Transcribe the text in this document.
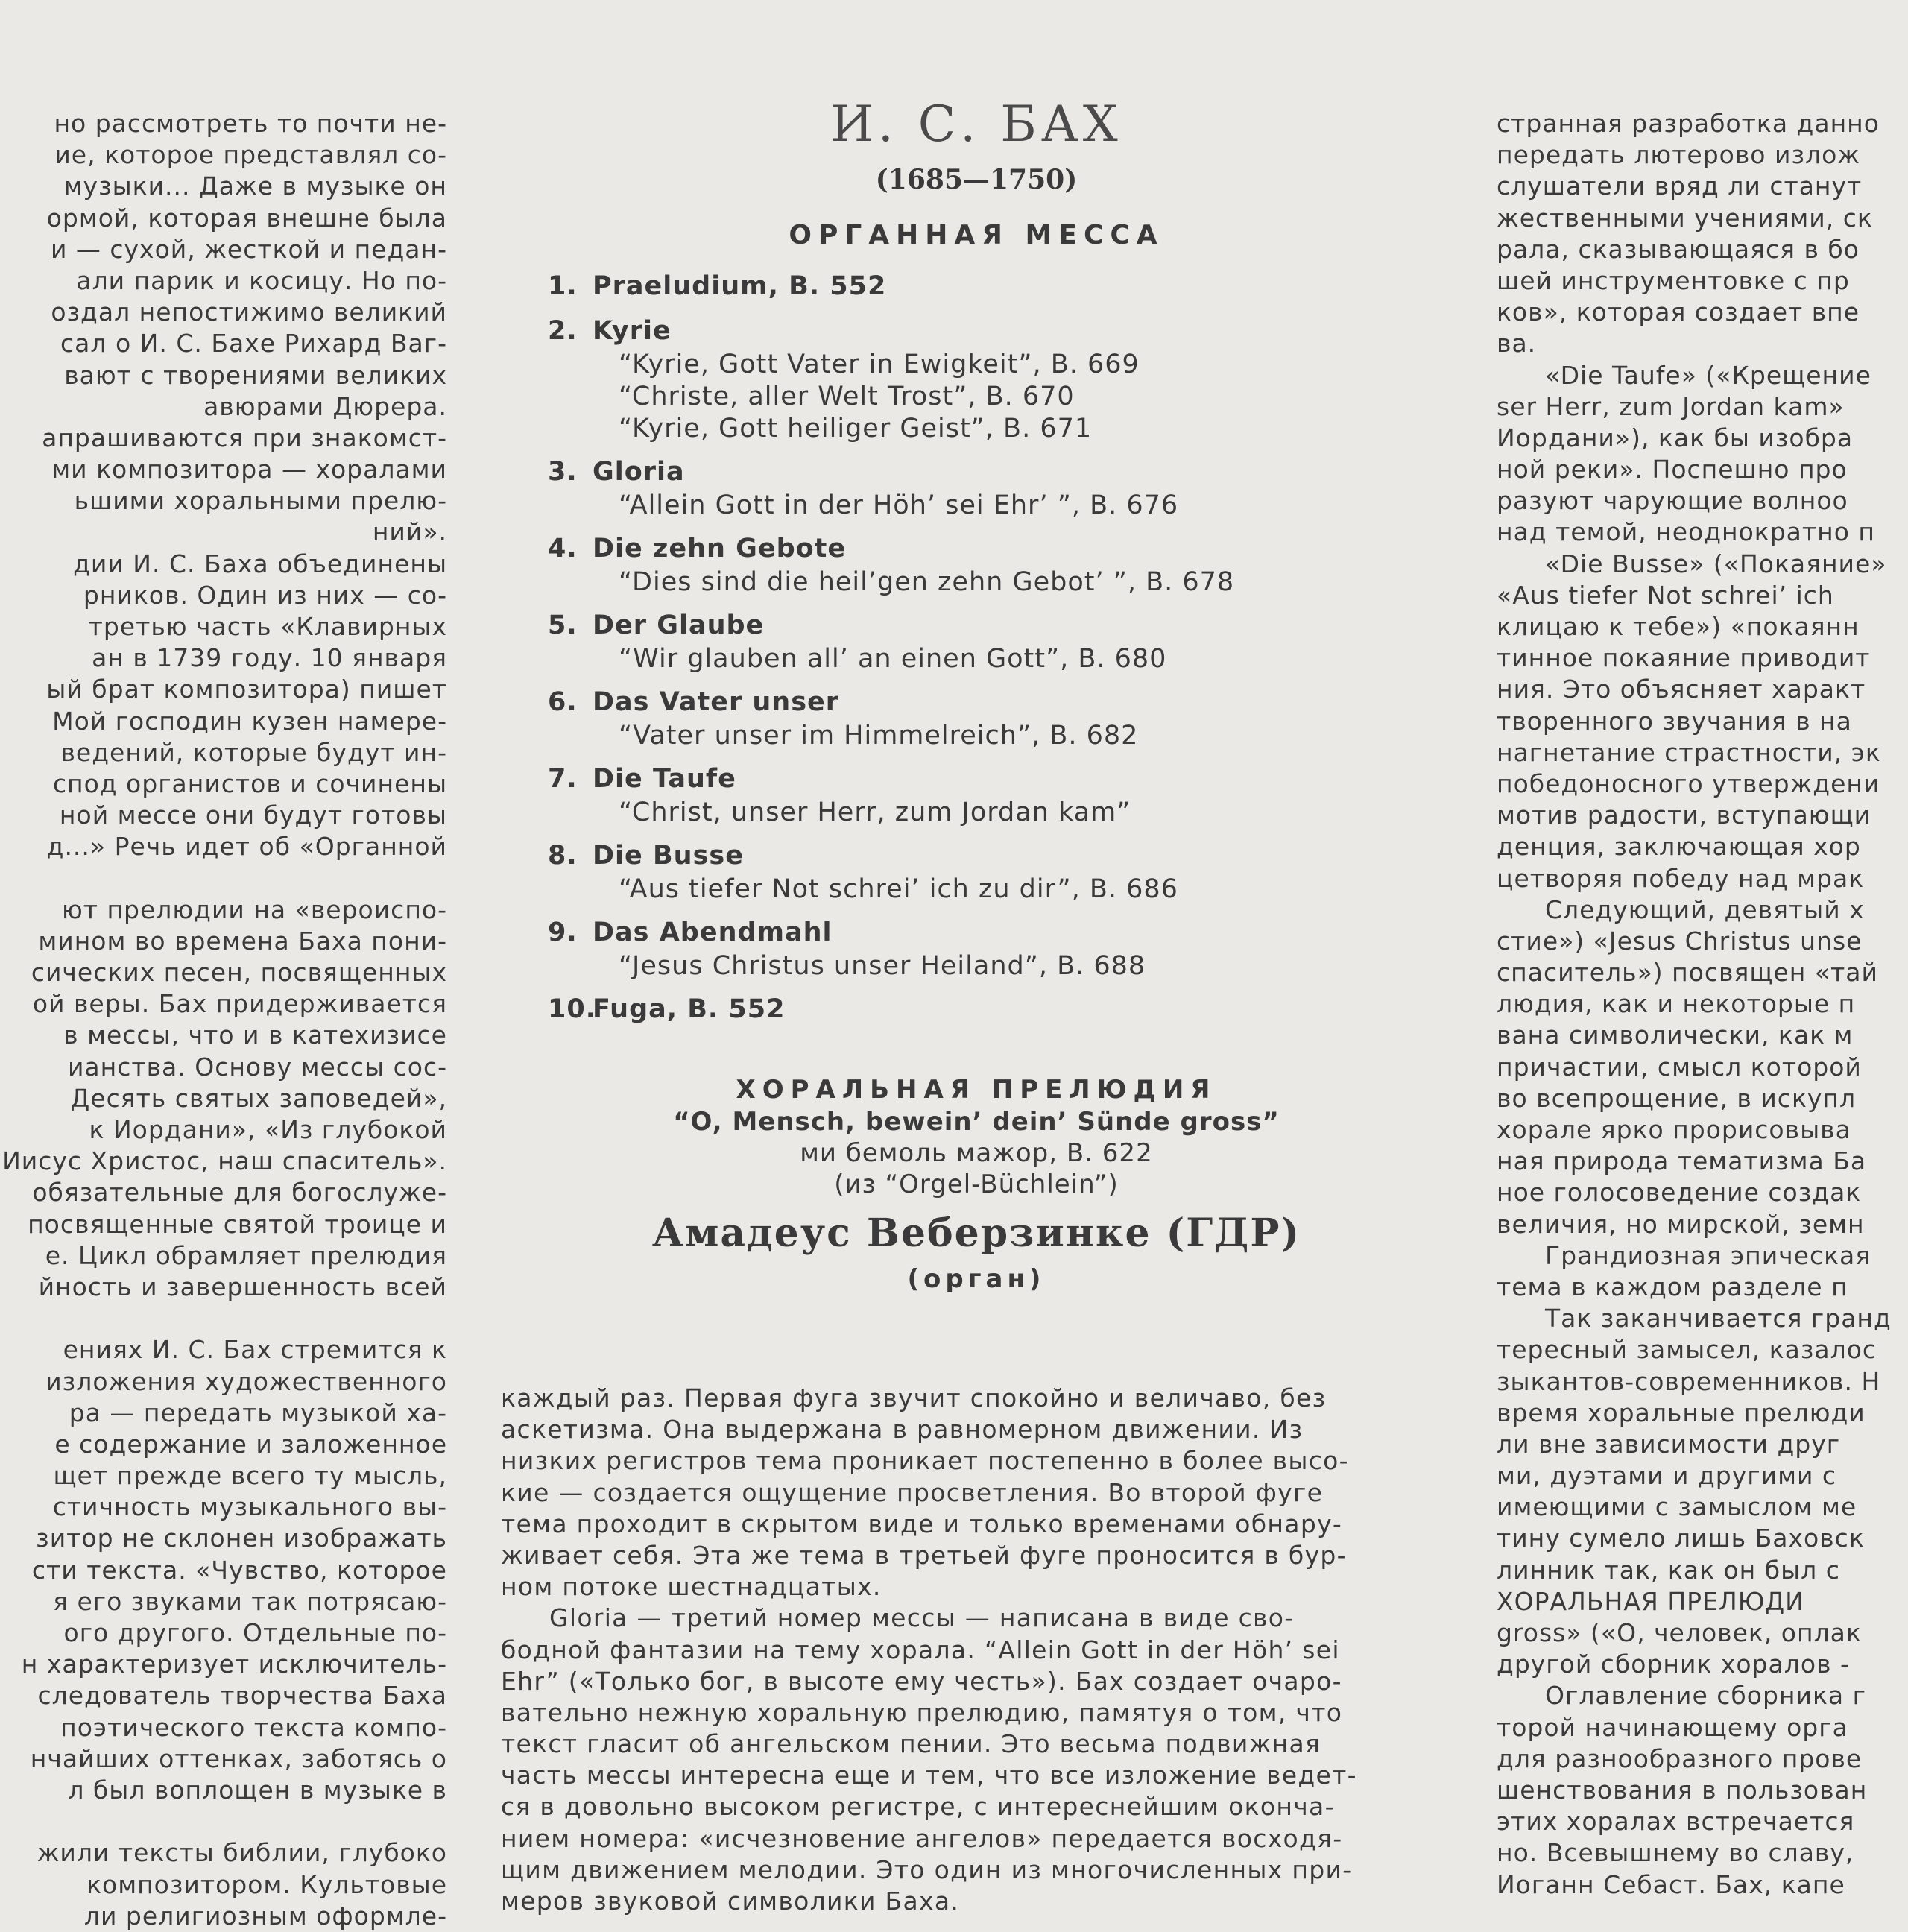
но рассмотреть то почти не-
ие, которое представлял со-
музыки... Даже в музыке он
ормой, которая внешне была
и — сухой, жесткой и педан-
али парик и косицу. Но по-
оздал непостижимо великий
сал о И. С. Бахе Рихард Ваг-
вают с творениями великих
авюрами Дюрера.
апрашиваются при знакомст-
ми композитора — хоралами
ьшими хоральными прелю-
ний».
дии И. С. Баха объединены
рников. Один из них — со-
третью часть «Клавирных
ан в 1739 году. 10 января
ый брат композитора) пишет
Мой господин кузен намере-
ведений, которые будут ин-
спод органистов и сочинены
ной мессе они будут готовы
д...» Речь идет об «Органной
ют прелюдии на «вероиспо-
мином во времена Баха пони-
сических песен, посвященных
ой веры. Бах придерживается
в мессы, что и в катехизисе
ианства. Основу мессы сос-
Десять святых заповедей»,
к Иордани», «Из глубокой
Иисус Христос, наш спаситель».
обязательные для богослуже-
посвященные святой троице и
е. Цикл обрамляет прелюдия
йность и завершенность всей
ениях И. С. Бах стремится к
изложения художественного
ра — передать музыкой ха-
е содержание и заложенное
щет прежде всего ту мысль,
стичность музыкального вы-
зитор не склонен изображать
сти текста. «Чувство, которое
я его звуками так потрясаю-
ого другого. Отдельные по-
н характеризует исключитель-
следователь творчества Баха
поэтического текста компо-
нчайших оттенках, заботясь о
л был воплощен в музыке в
жили тексты библии, глубоко
композитором. Культовые
ли религиозным оформле-
И. С. БАХ
(1685—1750)
ОРГАННАЯ МЕССА
1. Praeludium, В. 552
2. Kyrie
“Kyrie, Gott Vater in Ewigkeit”, В. 669
“Christe, aller Welt Trost”, В. 670
“Kyrie, Gott heiliger Geist”, В. 671
3. Gloria
“Allein Gott in der Höh’ sei Ehr’ ”, В. 676
4. Die zehn Gebote
“Dies sind die heil’gen zehn Gebot’ ”, В. 678
5. Der Glaube
“Wir glauben all’ an einen Gott”, В. 680
6. Das Vater unser
“Vater unser im Himmelreich”, В. 682
7. Die Taufe
“Christ, unser Herr, zum Jordan kam”
8. Die Busse
“Aus tiefer Not schrei’ ich zu dir”, В. 686
9. Das Abendmahl
“Jesus Christus unser Heiland”, В. 688
10.Fuga, В. 552
ХОРАЛЬНАЯ ПРЕЛЮДИЯ
“O, Mensch, bewein’ dein’ Sünde gross”
ми бемоль мажор, В. 622
(из “Orgel-Büchlein”)
Амадеус Веберзинке (ГДР)
(орган)
каждый раз. Первая фуга звучит спокойно и величаво, без
аскетизма. Она выдержана в равномерном движении. Из
низких регистров тема проникает постепенно в более высо-
кие — создается ощущение просветления. Во второй фуге
тема проходит в скрытом виде и только временами обнару-
живает себя. Эта же тема в третьей фуге проносится в бур-
ном потоке шестнадцатых.
Gloria — третий номер мессы — написана в виде сво-
бодной фантазии на тему хорала. “Allein Gott in der Höh’ sei
Ehr” («Только бог, в высоте ему честь»). Бах создает очаро-
вательно нежную хоральную прелюдию, памятуя о том, что
текст гласит об ангельском пении. Это весьма подвижная
часть мессы интересна еще и тем, что все изложение ведет-
ся в довольно высоком регистре, с интереснейшим оконча-
нием номера: «исчезновение ангелов» передается восходя-
щим движением мелодии. Это один из многочисленных при-
меров звуковой символики Баха.
странная разработка данно
передать лютерово излож
слушатели вряд ли станут
жественными учениями, ск
рала, сказывающаяся в бо
шей инструментовке с пр
ков», которая создает впе
ва.
«Die Taufe» («Крещение
ser Herr, zum Jordan kam»
Иордани»), как бы изобра
ной реки». Поспешно про
разуют чарующие волноо
над темой, неоднократно п
«Die Busse» («Покаяние»
«Aus tiefer Not schrei’ ich
клицаю к тебе») «покаянн
тинное покаяние приводит
ния. Это объясняет характ
творенного звучания в на
нагнетание страстности, эк
победоносного утверждени
мотив радости, вступающи
денция, заключающая хор
цетворяя победу над мрак
Следующий, девятый х
стие») «Jesus Christus unse
спаситель») посвящен «тай
людия, как и некоторые п
вана символически, как м
причастии, смысл которой
во всепрощение, в искупл
хорале ярко прорисовыва
ная природа тематизма Ба
ное голосоведение создак
величия, но мирской, земн
Грандиозная эпическая
тема в каждом разделе п
Так заканчивается гранд
тересный замысел, казалос
зыкантов-современников. Н
время хоральные прелюди
ли вне зависимости друг
ми, дуэтами и другими с
имеющими с замыслом ме
тину сумело лишь Баховск
линник так, как он был с
ХОРАЛЬНАЯ ПРЕЛЮДИ
gross» («О, человек, оплак
другой сборник хоралов -
Оглавление сборника г
торой начинающему орга
для разнообразного прове
шенствования в пользован
этих хоралах встречается
но. Всевышнему во славу,
Иоганн Себаст. Бах, капе
